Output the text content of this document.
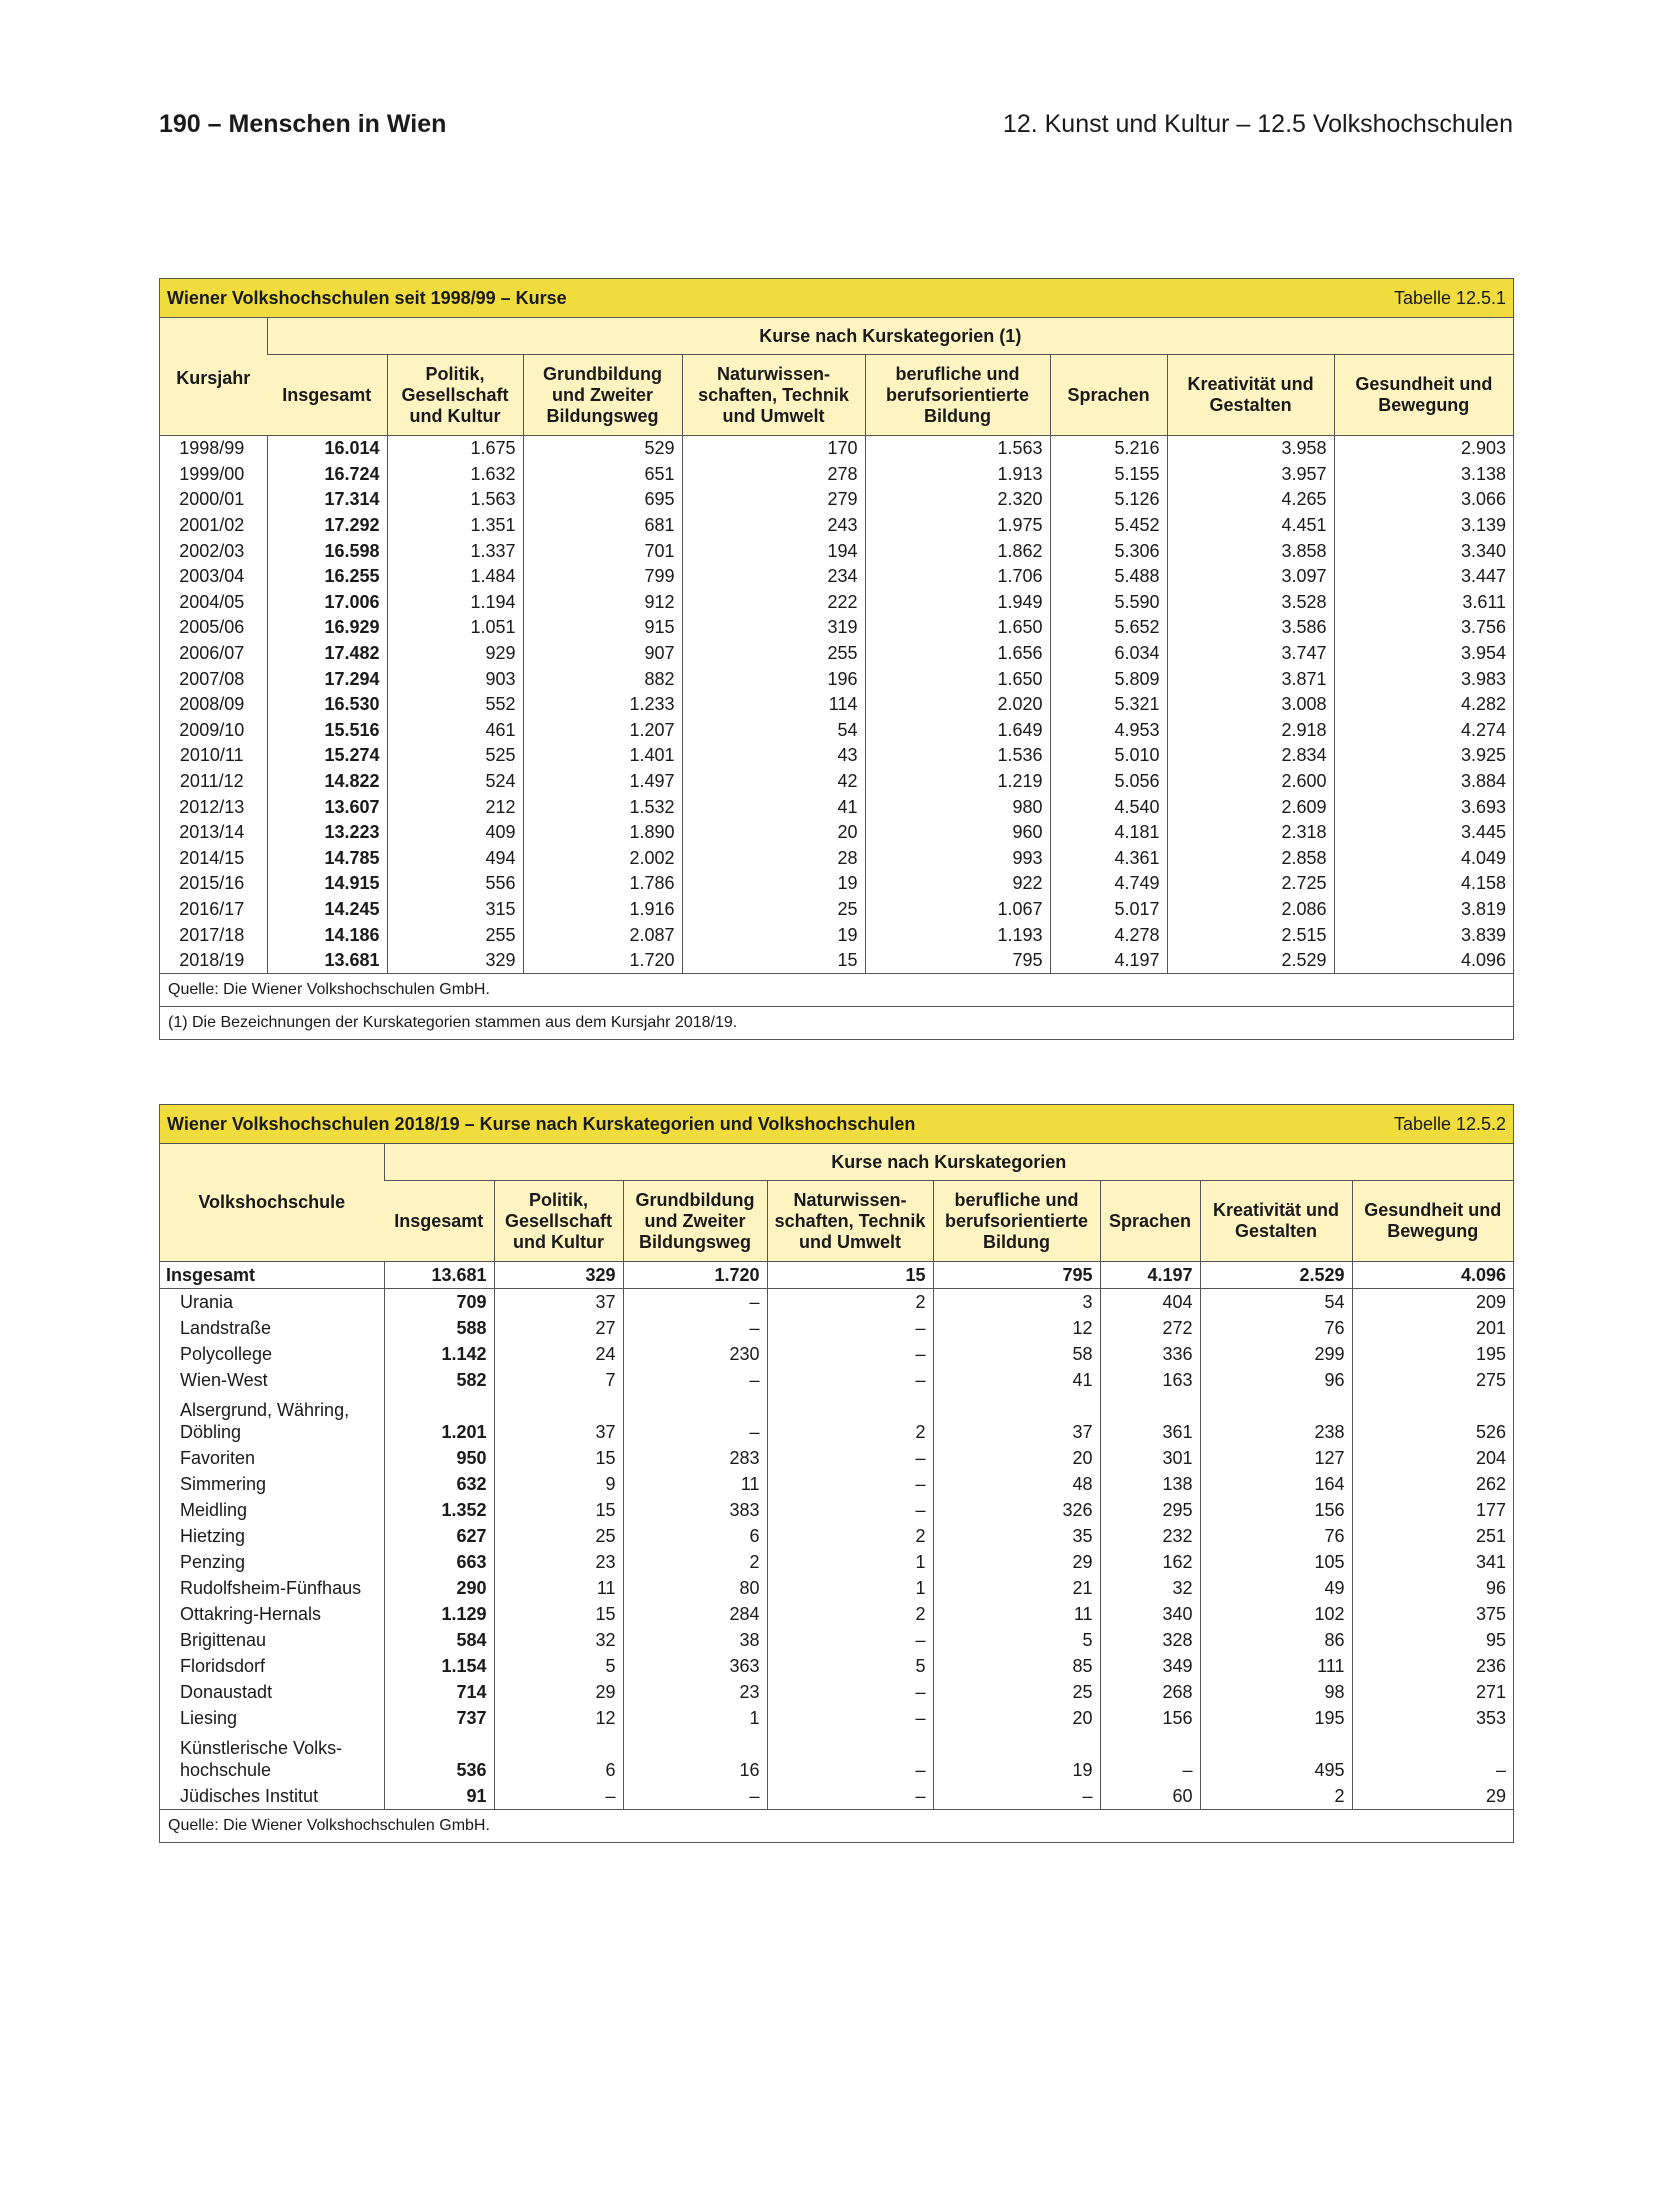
190 – Menschen in Wien	12. Kunst und Kultur – 12.5 Volkshochschulen
Wiener Volkshochschulen seit 1998/99 – Kurse						Tabelle 12.5.1		
Kursjahr	Kurse nach Kurskategorien (1)							
	Insgesamt	Politik, Gesellschaft und Kultur	Grundbildung und Zweiter Bildungsweg	Naturwissenschaften, Technik und Umwelt	berufliche und berufsorientierte Bildung	Sprachen	Kreativität und Gestalten	Gesundheit und Bewegung
1998/99	16.014	1.675	529	170	1.563	5.216	3.958	2.903
1999/00	16.724	1.632	651	278	1.913	5.155	3.957	3.138
2000/01	17.314	1.563	695	279	2.320	5.126	4.265	3.066
2001/02	17.292	1.351	681	243	1.975	5.452	4.451	3.139
2002/03	16.598	1.337	701	194	1.862	5.306	3.858	3.340
2003/04	16.255	1.484	799	234	1.706	5.488	3.097	3.447
2004/05	17.006	1.194	912	222	1.949	5.590	3.528	3.611
2005/06	16.929	1.051	915	319	1.650	5.652	3.586	3.756
2006/07	17.482	929	907	255	1.656	6.034	3.747	3.954
2007/08	17.294	903	882	196	1.650	5.809	3.871	3.983
2008/09	16.530	552	1.233	114	2.020	5.321	3.008	4.282
2009/10	15.516	461	1.207	54	1.649	4.953	2.918	4.274
2010/11	15.274	525	1.401	43	1.536	5.010	2.834	3.925
2011/12	14.822	524	1.497	42	1.219	5.056	2.600	3.884
2012/13	13.607	212	1.532	41	980	4.540	2.609	3.693
2013/14	13.223	409	1.890	20	960	4.181	2.318	3.445
2014/15	14.785	494	2.002	28	993	4.361	2.858	4.049
2015/16	14.915	556	1.786	19	922	4.749	2.725	4.158
2016/17	14.245	315	1.916	25	1.067	5.017	2.086	3.819
2017/18	14.186	255	2.087	19	1.193	4.278	2.515	3.839
2018/19	13.681	329	1.720	15	795	4.197	2.529	4.096
Quelle: Die Wiener Volkshochschulen GmbH.								
(1) Die Bezeichnungen der Kurskategorien stammen aus dem Kursjahr 2018/19.								
Wiener Volkshochschulen 2018/19 – Kurse nach Kurskategorien und Volkshochschulen						Tabelle 12.5.2		
Volkshochschule	Kurse nach Kurskategorien							
	Insgesamt	Politik, Gesellschaft und Kultur	Grundbildung und Zweiter Bildungsweg	Naturwissenschaften, Technik und Umwelt	berufliche und berufsorientierte Bildung	Sprachen	Kreativität und Gestalten	Gesundheit und Bewegung
Insgesamt	13.681	329	1.720	15	795	4.197	2.529	4.096
Urania	709	37	–	2	3	404	54	209
Landstraße	588	27	–	–	12	272	76	201
Polycollege	1.142	24	230	–	58	336	299	195
Wien-West	582	7	–	–	41	163	96	275
Alsergrund, Währing, Döbling	1.201	37	–	2	37	361	238	526
Favoriten	950	15	283	–	20	301	127	204
Simmering	632	9	11	–	48	138	164	262
Meidling	1.352	15	383	–	326	295	156	177
Hietzing	627	25	6	2	35	232	76	251
Penzing	663	23	2	1	29	162	105	341
Rudolfsheim-Fünfhaus	290	11	80	1	21	32	49	96
Ottakring-Hernals	1.129	15	284	2	11	340	102	375
Brigittenau	584	32	38	–	5	328	86	95
Floridsdorf	1.154	5	363	5	85	349	111	236
Donaustadt	714	29	23	–	25	268	98	271
Liesing	737	12	1	–	20	156	195	353
Künstlerische Volks-hochschule	536	6	16	–	19	–	495	–
Jüdisches Institut	91	–	–	–	–	60	2	29
Quelle: Die Wiener Volkshochschulen GmbH.								
